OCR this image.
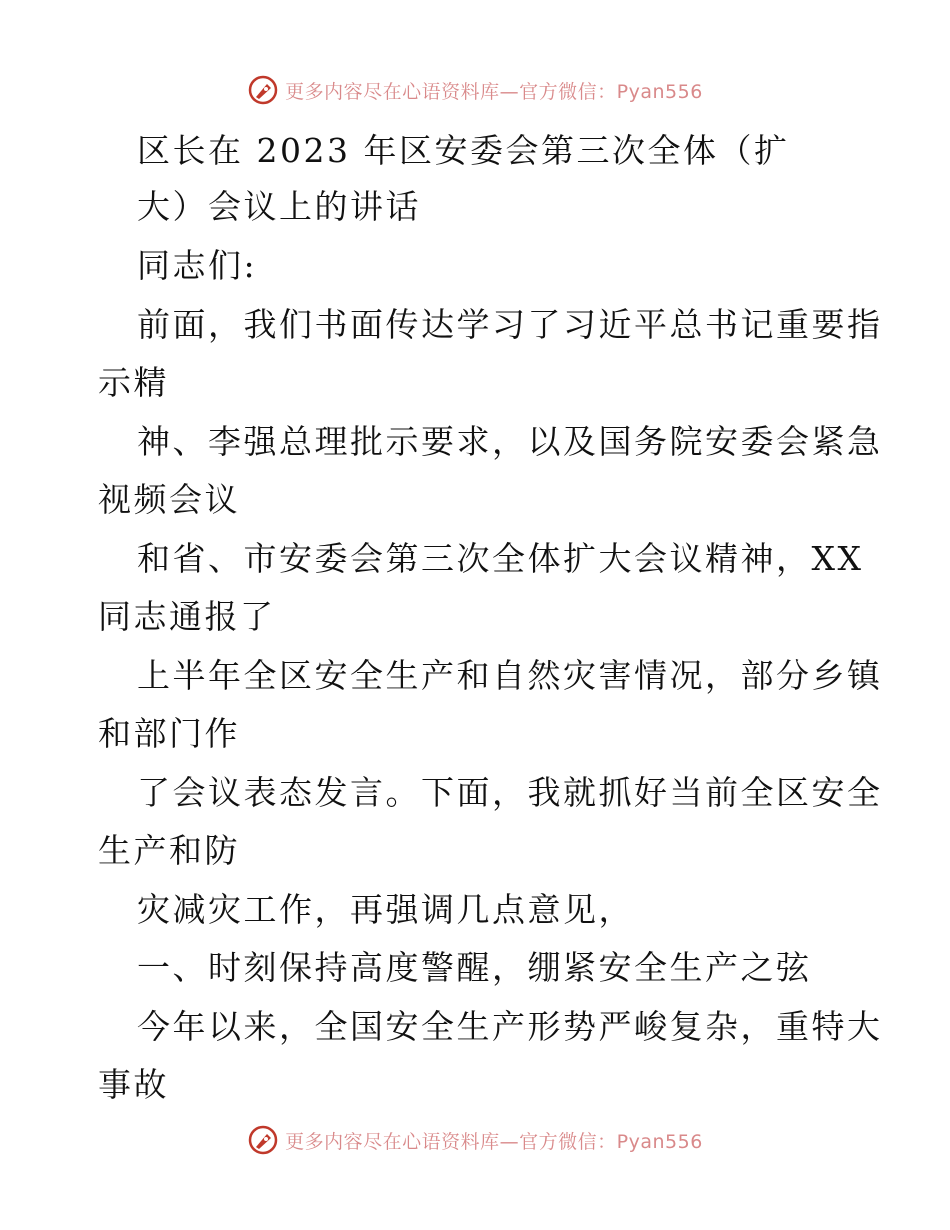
更多内容尽在心语资料库—官方微信：Pyan556
区长在 2023 年区安委会第三次全体（扩
大）会议上的讲话
同志们:
前面，我们书面传达学习了习近平总书记重要指
示精
神、李强总理批示要求，以及国务院安委会紧急
视频会议
和省、市安委会第三次全体扩大会议精神，XX
同志通报了
上半年全区安全生产和自然灾害情况，部分乡镇
和部门作
了会议表态发言。下面，我就抓好当前全区安全
生产和防
灾减灾工作，再强调几点意见，
一、时刻保持高度警醒，绷紧安全生产之弦
今年以来，全国安全生产形势严峻复杂，重特大
事故
更多内容尽在心语资料库—官方微信：Pyan556
